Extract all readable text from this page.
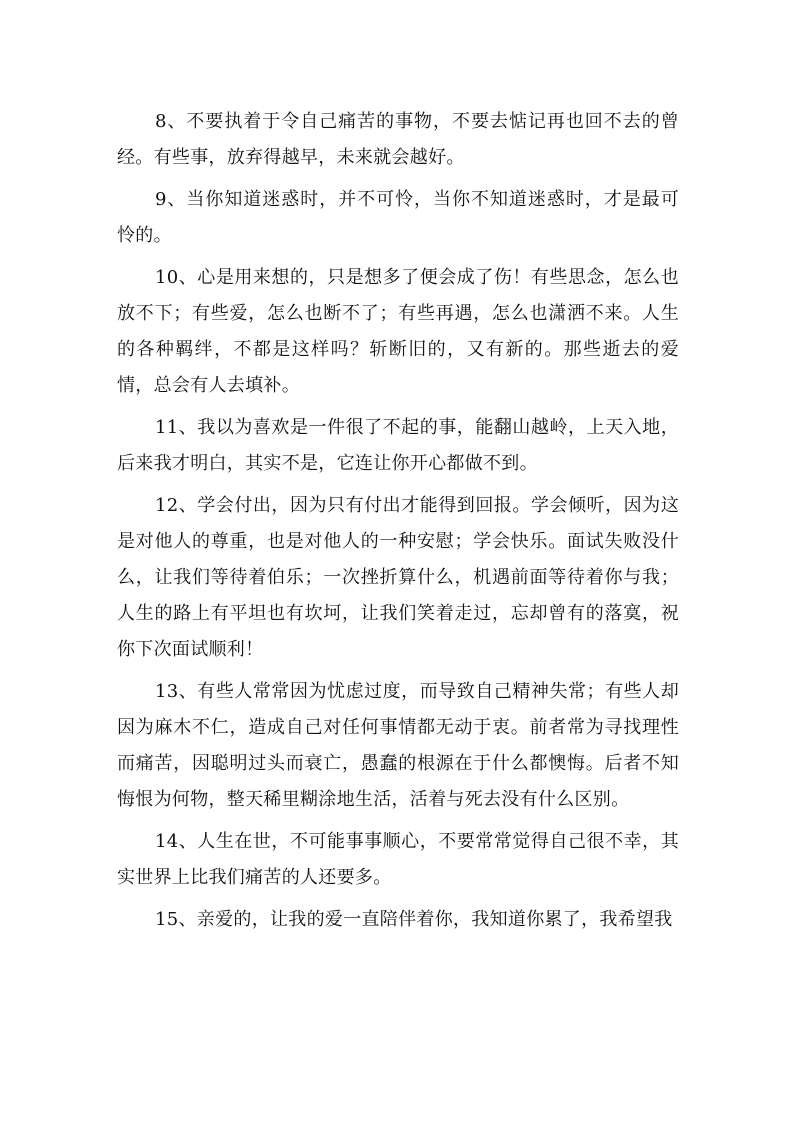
8、不要执着于令自己痛苦的事物，不要去惦记再也回不去的曾经。有些事，放弃得越早，未来就会越好。

9、当你知道迷惑时，并不可怜，当你不知道迷惑时，才是最可怜的。

10、心是用来想的，只是想多了便会成了伤！有些思念，怎么也放不下；有些爱，怎么也断不了；有些再遇，怎么也潇洒不来。人生的各种羁绊，不都是这样吗？斩断旧的，又有新的。那些逝去的爱情，总会有人去填补。

11、我以为喜欢是一件很了不起的事，能翻山越岭，上天入地，后来我才明白，其实不是，它连让你开心都做不到。

12、学会付出，因为只有付出才能得到回报。学会倾听，因为这是对他人的尊重，也是对他人的一种安慰；学会快乐。面试失败没什么，让我们等待着伯乐；一次挫折算什么，机遇前面等待着你与我；人生的路上有平坦也有坎坷，让我们笑着走过，忘却曾有的落寞，祝你下次面试顺利！

13、有些人常常因为忧虑过度，而导致自己精神失常；有些人却因为麻木不仁，造成自己对任何事情都无动于衷。前者常为寻找理性而痛苦，因聪明过头而衰亡，愚蠢的根源在于什么都懊悔。后者不知悔恨为何物，整天稀里糊涂地生活，活着与死去没有什么区别。

14、人生在世，不可能事事顺心，不要常常觉得自己很不幸，其实世界上比我们痛苦的人还要多。

15、亲爱的，让我的爱一直陪伴着你，我知道你累了，我希望我
